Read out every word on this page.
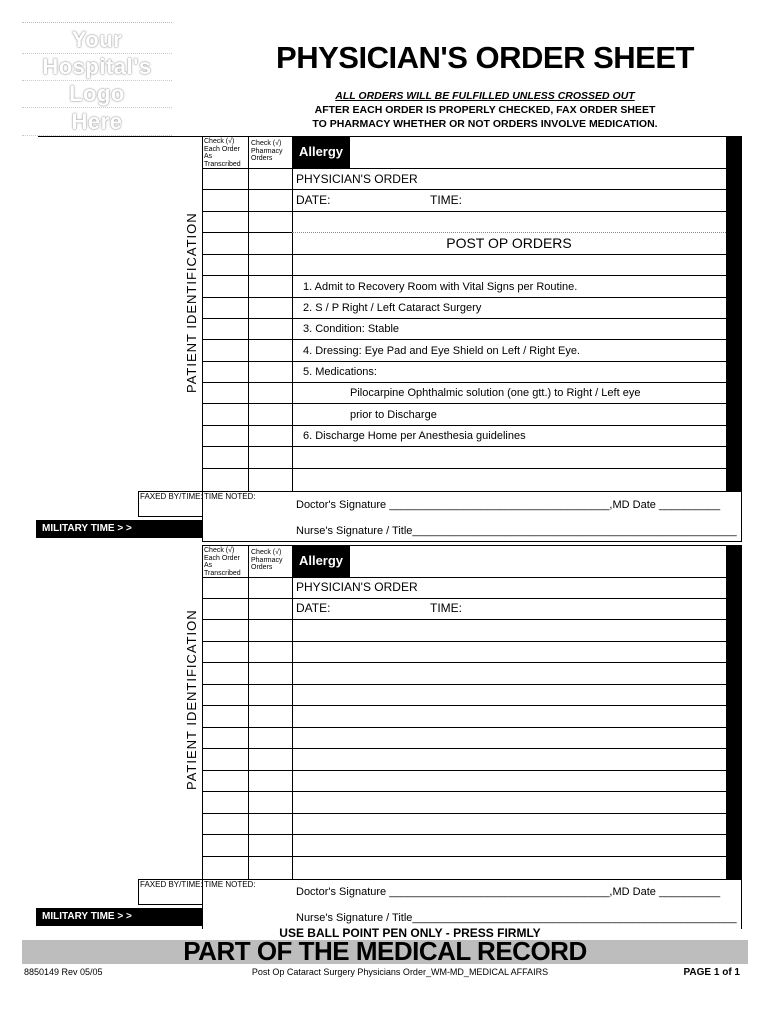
Your
Hospital's
Logo
Here
PHYSICIAN'S ORDER SHEET
ALL ORDERS WILL BE FULFILLED UNLESS CROSSED OUT
AFTER EACH ORDER IS PROPERLY CHECKED, FAX ORDER SHEET
TO PHARMACY WHETHER OR NOT ORDERS INVOLVE MEDICATION.
Check (√) Each Order As Transcribed
Check (√) Pharmacy Orders	Allergy
PHYSICIAN'S ORDER
DATE:	TIME:
POST OP ORDERS
1. Admit to Recovery Room with Vital Signs per Routine.
2. S / P Right / Left Cataract Surgery
3. Condition: Stable
4. Dressing: Eye Pad and Eye Shield on Left / Right Eye.
5. Medications:
Pilocarpine Ophthalmic solution (one gtt.) to Right / Left eye
prior to Discharge
6. Discharge Home per Anesthesia guidelines
PATIENT IDENTIFICATION
FAXED BY/TIME: TIME NOTED:
Doctor's Signature ____________________________________,MD Date __________
MILITARY TIME > >	Nurse's Signature / Title_____________________________________________________
Check (√) Each Order As Transcribed
Check (√) Pharmacy Orders	Allergy
PHYSICIAN'S ORDER
DATE:	TIME:
PATIENT IDENTIFICATION
FAXED BY/TIME: TIME NOTED:
Doctor's Signature ____________________________________,MD Date __________
MILITARY TIME > >	Nurse's Signature / Title_____________________________________________________
USE BALL POINT PEN ONLY - PRESS FIRMLY
PART OF THE MEDICAL RECORD
8850149 Rev 05/05	Post Op Cataract Surgery Physicians Order_WM-MD_MEDICAL AFFAIRS	PAGE 1 of 1
